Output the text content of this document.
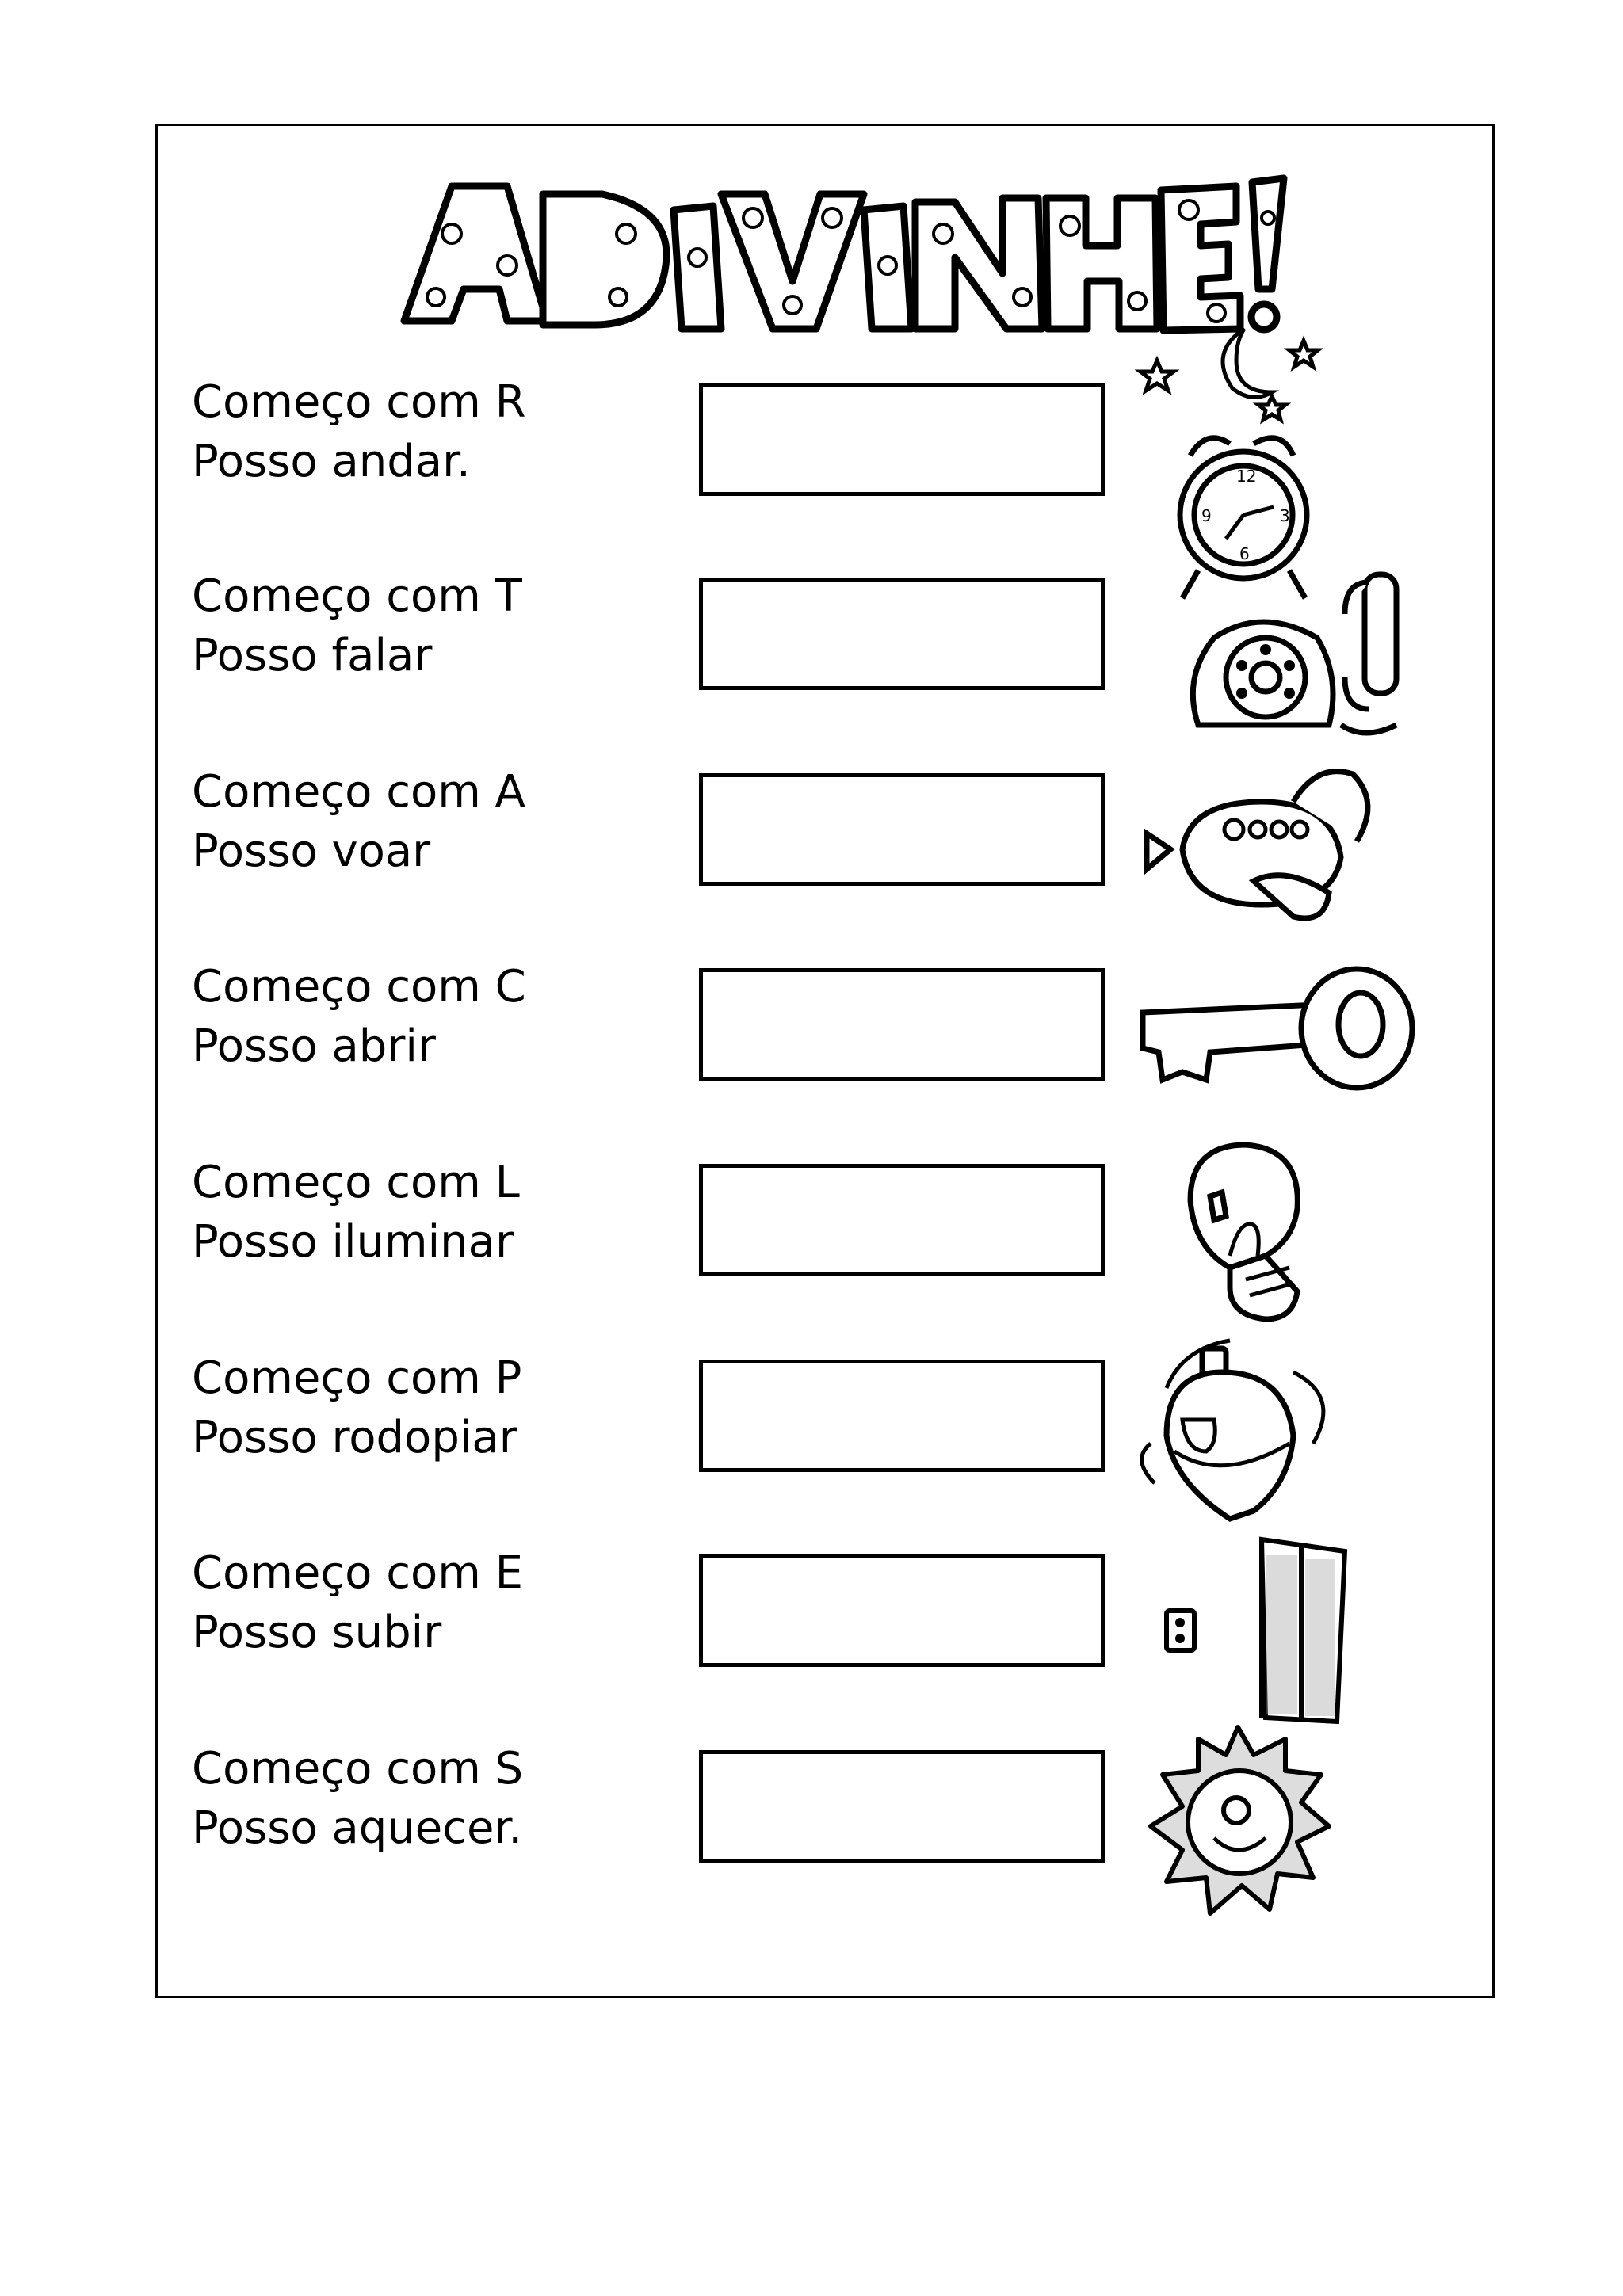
Começo com R
Posso andar.	12
3
6
9
Começo com T
Posso falar
Começo com A
Posso voar
Começo com C
Posso abrir
Começo com L
Posso iluminar
Começo com P
Posso rodopiar
Começo com E
Posso subir
Começo com S
Posso aquecer.
